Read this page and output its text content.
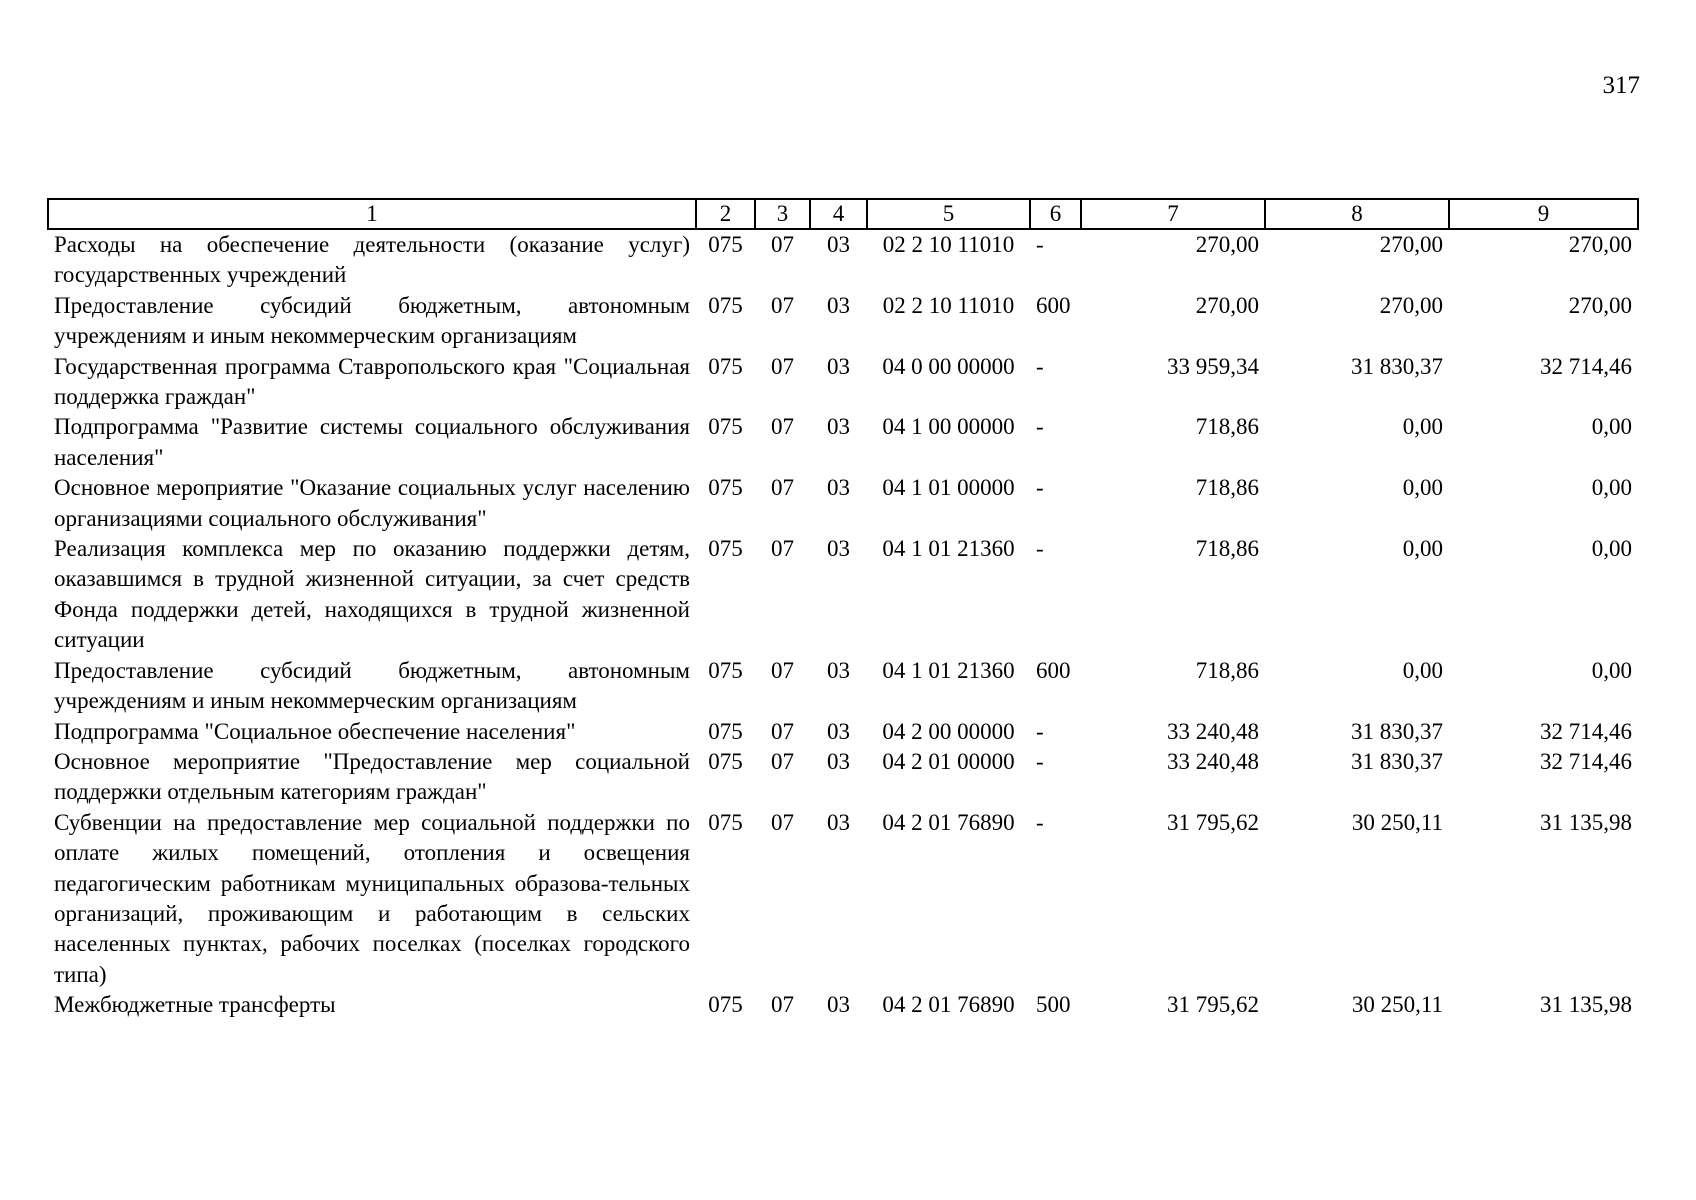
317
1	2	3	4	5	6	7	8	9
Расходы на обеспечение деятельности (оказание услуг) государственных учреждений	075	07	03	02 2 10 11010	-	270,00	270,00	270,00
Предоставление субсидий бюджетным, автономным учреждениям и иным некоммерческим организациям	075	07	03	02 2 10 11010	600	270,00	270,00	270,00
Государственная программа Ставропольского края "Социальная поддержка граждан"	075	07	03	04 0 00 00000	-	33 959,34	31 830,37	32 714,46
Подпрограмма "Развитие системы социального обслуживания населения"	075	07	03	04 1 00 00000	-	718,86	0,00	0,00
Основное мероприятие "Оказание социальных услуг населению организациями социального обслуживания"	075	07	03	04 1 01 00000	-	718,86	0,00	0,00
Реализация комплекса мер по оказанию поддержки детям, оказавшимся в трудной жизненной ситуации, за счет средств Фонда поддержки детей, находящихся в трудной жизненной ситуации	075	07	03	04 1 01 21360	-	718,86	0,00	0,00
Предоставление субсидий бюджетным, автономным учреждениям и иным некоммерческим организациям	075	07	03	04 1 01 21360	600	718,86	0,00	0,00
Подпрограмма "Социальное обеспечение населения"	075	07	03	04 2 00 00000	-	33 240,48	31 830,37	32 714,46
Основное мероприятие "Предоставление мер социальной поддержки отдельным категориям граждан"	075	07	03	04 2 01 00000	-	33 240,48	31 830,37	32 714,46
Субвенции на предоставление мер социальной поддержки по оплате жилых помещений, отопления и освещения педагогическим работникам муниципальных образова-тельных организаций, проживающим и работающим в сельских населенных пунктах, рабочих поселках (поселках городского типа)	075	07	03	04 2 01 76890	-	31 795,62	30 250,11	31 135,98
Межбюджетные трансферты	075	07	03	04 2 01 76890	500	31 795,62	30 250,11	31 135,98
